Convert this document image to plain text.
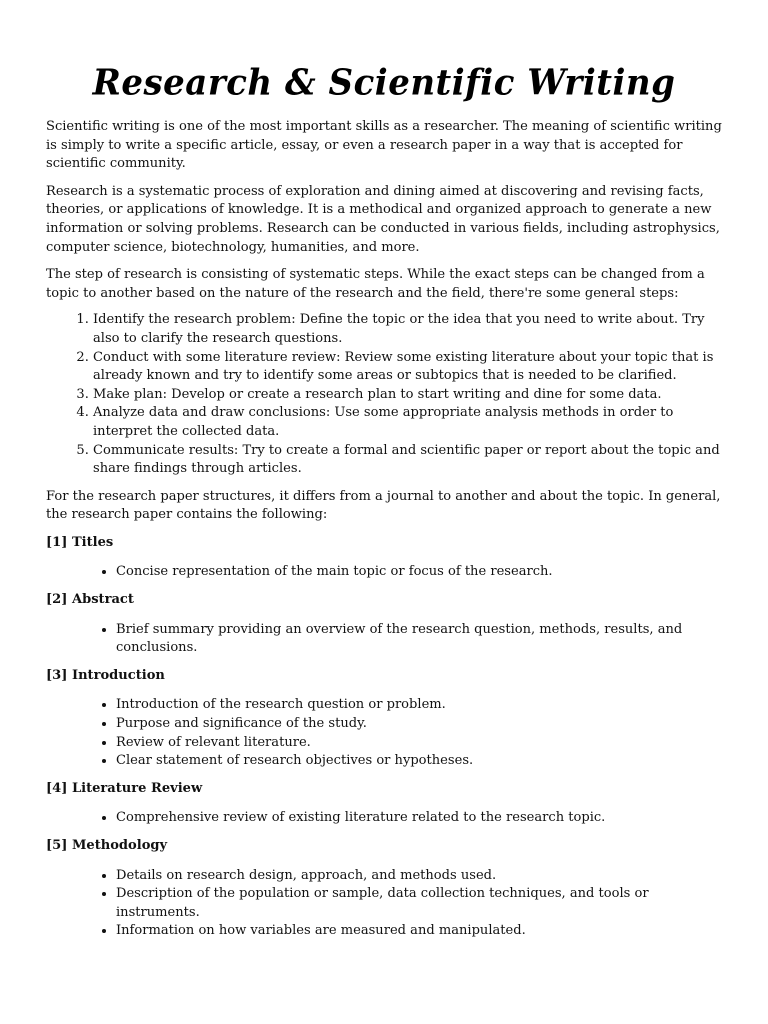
Research & Scientific Writing

Scientific writing is one of the most important skills as a researcher. The meaning of scientific writing is simply to write a specific article, essay, or even a research paper in a way that is accepted for scientific community.

Research is a systematic process of exploration and dining aimed at discovering and revising facts, theories, or applications of knowledge. It is a methodical and organized approach to generate a new information or solving problems. Research can be conducted in various fields, including astrophysics, computer science, biotechnology, humanities, and more.

The step of research is consisting of systematic steps. While the exact steps can be changed from a topic to another based on the nature of the research and the field, there're some general steps:

1. Identify the research problem: Define the topic or the idea that you need to write about. Try also to clarify the research questions.
2. Conduct with some literature review: Review some existing literature about your topic that is already known and try to identify some areas or subtopics that is needed to be clarified.
3. Make plan: Develop or create a research plan to start writing and dine for some data.
4. Analyze data and draw conclusions: Use some appropriate analysis methods in order to interpret the collected data.
5. Communicate results: Try to create a formal and scientific paper or report about the topic and share findings through articles.

For the research paper structures, it differs from a journal to another and about the topic. In general, the research paper contains the following:

[1] Titles
• Concise representation of the main topic or focus of the research.
[2] Abstract
• Brief summary providing an overview of the research question, methods, results, and conclusions.
[3] Introduction
• Introduction of the research question or problem.
• Purpose and significance of the study.
• Review of relevant literature.
• Clear statement of research objectives or hypotheses.
[4] Literature Review
• Comprehensive review of existing literature related to the research topic.
[5] Methodology
• Details on research design, approach, and methods used.
• Description of the population or sample, data collection techniques, and tools or instruments.
• Information on how variables are measured and manipulated.
